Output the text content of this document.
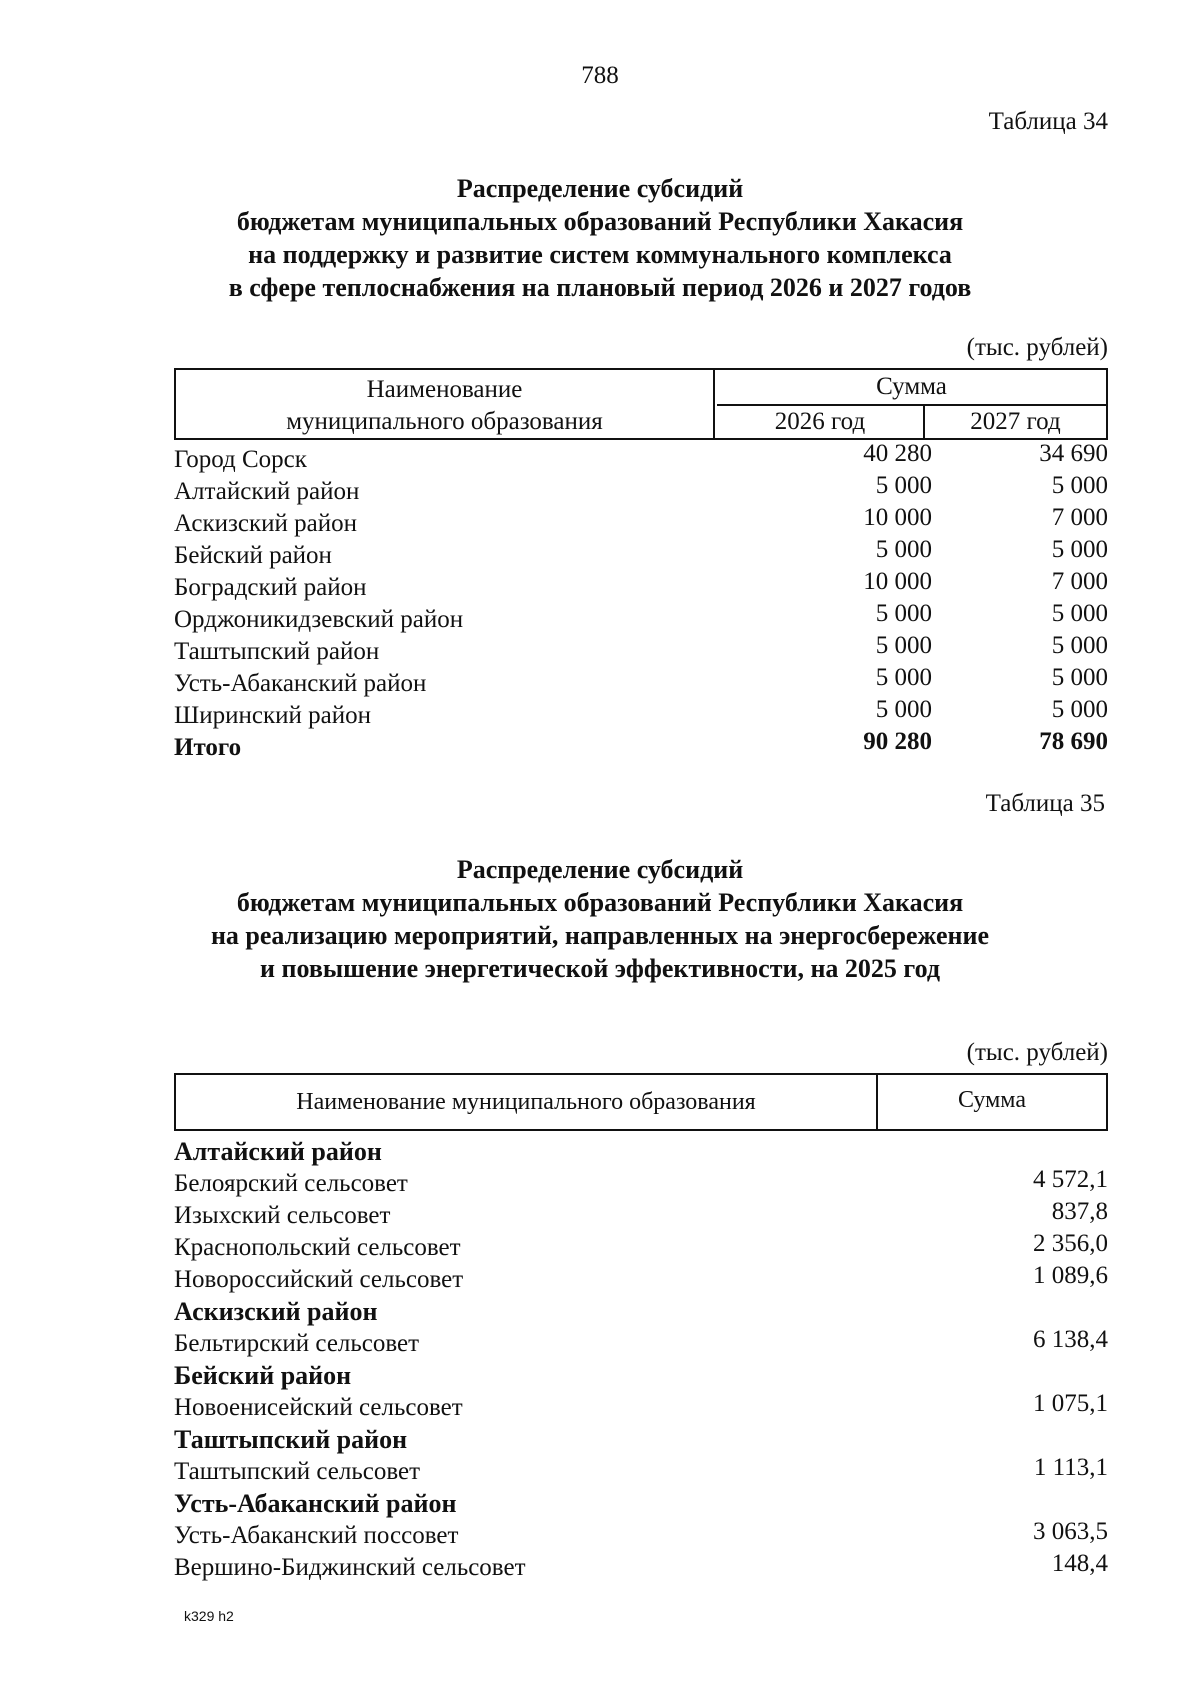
788
Таблица 34
Распределение субсидий
бюджетам муниципальных образований Республики Хакасия
на поддержку и развитие систем коммунального комплекса
в сфере теплоснабжения на плановый период 2026 и 2027 годов
(тыс. рублей)
Наименование
муниципального образования
Сумма
2026 год	2027 год
Город Сорск	40 280	34 690
Алтайский район	5 000	5 000
Аскизский район	10 000	7 000
Бейский район	5 000	5 000
Боградский район	10 000	7 000
Орджоникидзевский район	5 000	5 000
Таштыпский район	5 000	5 000
Усть-Абаканский район	5 000	5 000
Ширинский район	5 000	5 000
Итого	90 280	78 690
Таблица 35
Распределение субсидий
бюджетам муниципальных образований Республики Хакасия
на реализацию мероприятий, направленных на энергосбережение
и повышение энергетической эффективности, на 2025 год
(тыс. рублей)
Наименование муниципального образования	Сумма
Алтайский район
Белоярский сельсовет	4 572,1
Изыхский сельсовет	837,8
Краснопольский сельсовет	2 356,0
Новороссийский сельсовет	1 089,6
Аскизский район
Бельтирский сельсовет	6 138,4
Бейский район
Новоенисейский сельсовет	1 075,1
Таштыпский район
Таштыпский сельсовет	1 113,1
Усть-Абаканский район
Усть-Абаканский поссовет	3 063,5
Вершино-Биджинский сельсовет	148,4
k329 h2
